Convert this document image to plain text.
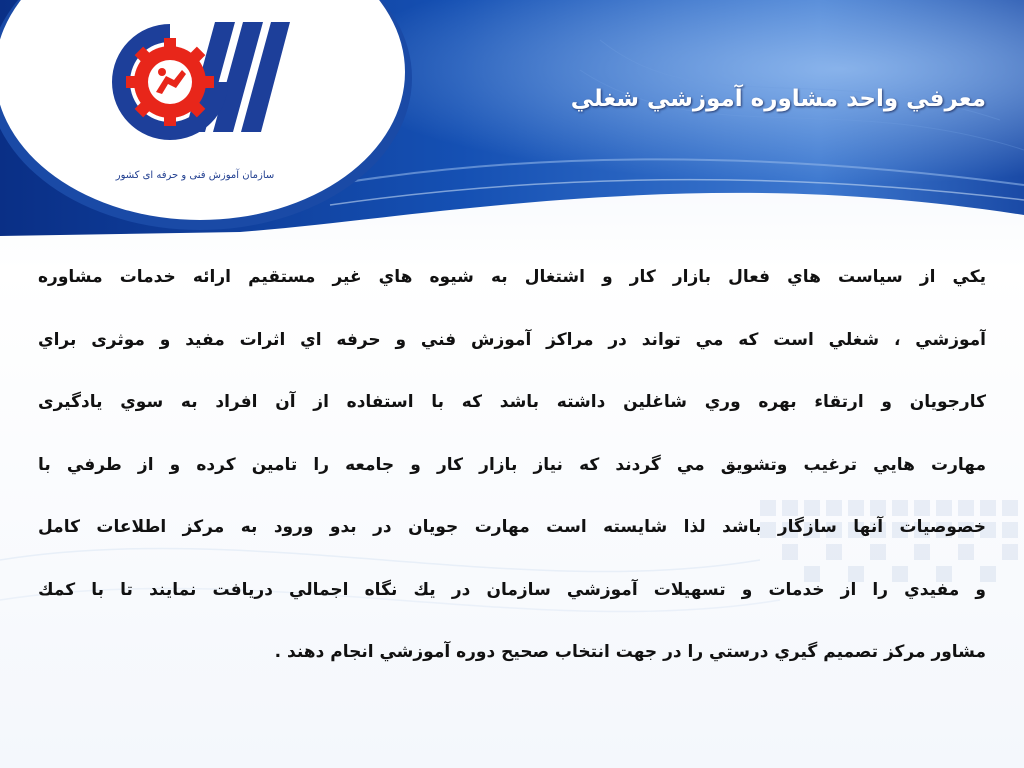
سازمان آموزش فنی و حرفه ای کشور
معرفي واحد مشاوره آموزشي شغلي
يكي از سياست هاي فعال بازار كار و اشتغال به شيوه هاي غير مستقيم ارائه خدمات مشاوره
آموزشي ، شغلي است كه مي تواند در مراكز آموزش فني و حرفه اي اثرات مفيد و موثری براي
كارجويان و ارتقاء بهره وري شاغلين داشته باشد كه با استفاده از آن افراد به سوي يادگيری
مهارت هايي ترغيب وتشويق مي گردند كه نياز بازار كار و جامعه را تامين كرده و از طرفي با
خصوصيات آنها سازگار باشد لذا شايسته است مهارت جويان در بدو ورود به مركز اطلاعات كامل
و مفيدي را از خدمات و تسهيلات آموزشي سازمان در يك نگاه اجمالي دريافت نمايند تا با كمك
مشاور مركز تصميم گيري درستي را در جهت انتخاب صحيح دوره آموزشي انجام دهند .
